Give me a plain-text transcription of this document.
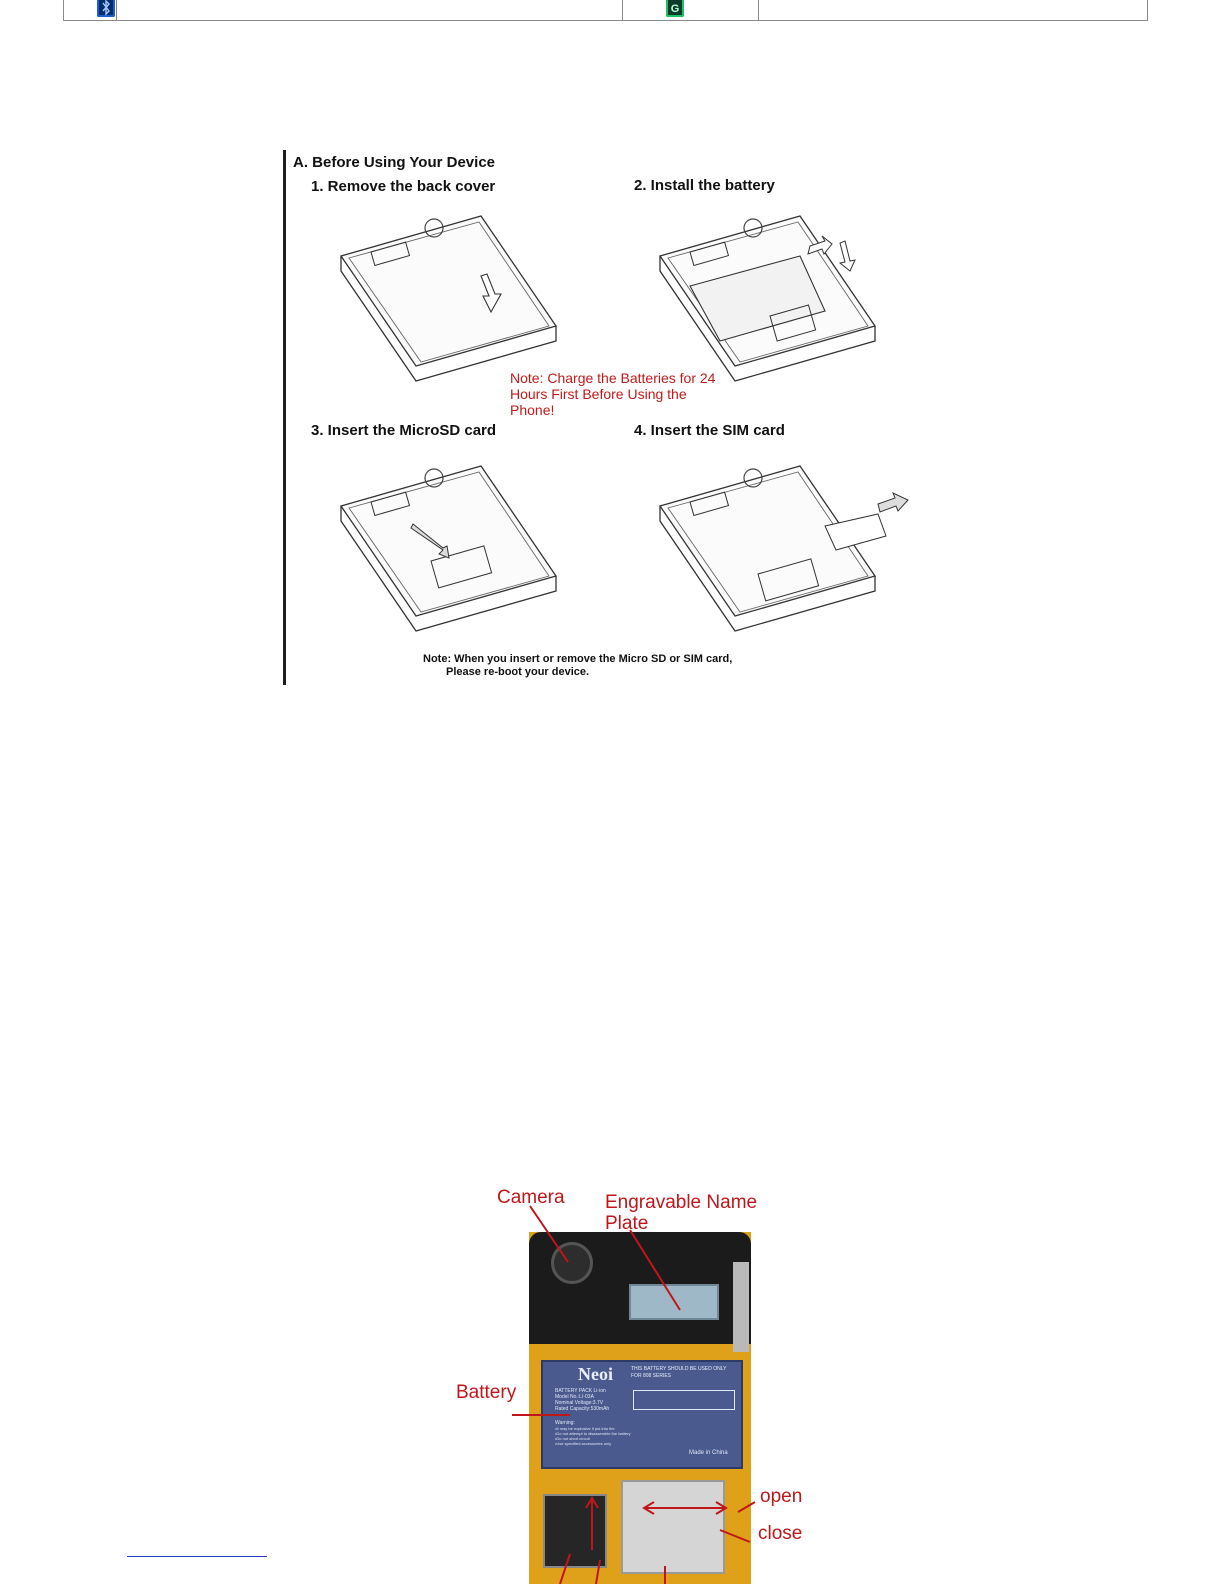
G
A. Before Using Your Device
1. Remove the back cover	2. Install the battery
3. Insert the MicroSD card	4. Insert the SIM card
Note: Charge the Batteries for 24 Hours First Before Using the Phone!
Note: When you insert or remove the Micro SD or SIM card,
Please re-boot your device.
Neoi	THIS BATTERY SHOULD BE USED ONLY FOR 808 SERIES
BATTERY PACK Li-ion
Model No.:LI-03A
Nominal Voltage:3.7V
Rated Capacity:530mAh
Warning:
•It may be explosive if put into fire
•Do not attempt to disassemble the battery
•Do not short circuit
•Use specified accessories only
Made in China
Camera Engravable Name
Plate
Battery
open
close
